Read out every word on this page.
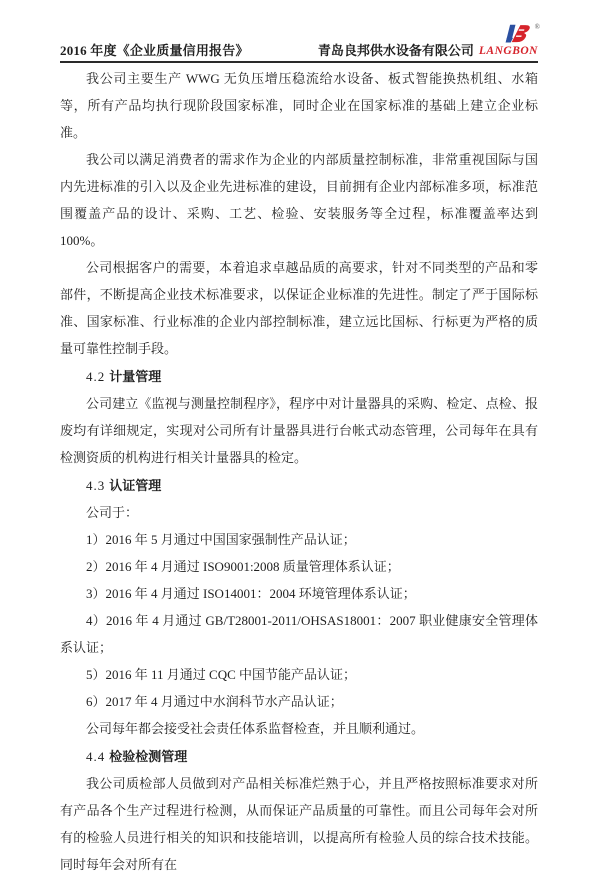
2016 年度《企业质量信用报告》	青岛良邦供水设备有限公司
®
LANGBON

我公司主要生产 WWG 无负压增压稳流给水设备、板式智能换热机组、水箱等，所有产品均执行现阶段国家标准，同时企业在国家标准的基础上建立企业标准。

我公司以满足消费者的需求作为企业的内部质量控制标准，非常重视国际与国内先进标准的引入以及企业先进标准的建设，目前拥有企业内部标准多项，标准范围覆盖产品的设计、采购、工艺、检验、安装服务等全过程，标准覆盖率达到 100%。

公司根据客户的需要，本着追求卓越品质的高要求，针对不同类型的产品和零部件，不断提高企业技术标准要求，以保证企业标准的先进性。制定了严于国际标准、国家标准、行业标准的企业内部控制标准，建立远比国标、行标更为严格的质量可靠性控制手段。

4.2 计量管理

公司建立《监视与测量控制程序》，程序中对计量器具的采购、检定、点检、报废均有详细规定，实现对公司所有计量器具进行台帐式动态管理，公司每年在具有检测资质的机构进行相关计量器具的检定。

4.3 认证管理

公司于：

1）2016 年 5 月通过中国国家强制性产品认证；

2）2016 年 4 月通过 ISO9001:2008 质量管理体系认证；

3）2016 年 4 月通过 ISO14001：2004 环境管理体系认证；

4）2016 年 4 月通过 GB/T28001-2011/OHSAS18001：2007 职业健康安全管理体系认证；

5）2016 年 11 月通过 CQC 中国节能产品认证；

6）2017 年 4 月通过中水润科节水产品认证；

公司每年都会接受社会责任体系监督检查，并且顺利通过。

4.4 检验检测管理

我公司质检部人员做到对产品相关标准烂熟于心，并且严格按照标准要求对所有产品各个生产过程进行检测，从而保证产品质量的可靠性。而且公司每年会对所有的检验人员进行相关的知识和技能培训，以提高所有检验人员的综合技术技能。同时每年会对所有在
